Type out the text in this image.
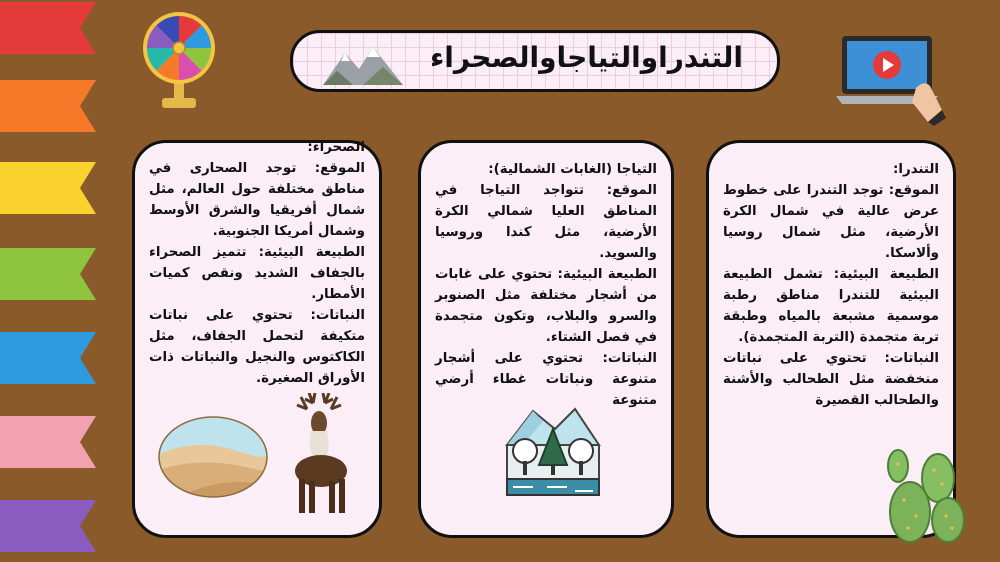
التندراوالتياجاوالصحراء

الصحراء:

الموقع: توجد الصحارى في مناطق مختلفة حول العالم، مثل شمال أفريقيا والشرق الأوسط وشمال أمريكا الجنوبية.

الطبيعة البيئية: تتميز الصحراء بالجفاف الشديد ونقص كميات الأمطار.

النباتات: تحتوي على نباتات متكيفة لتحمل الجفاف، مثل الكاكتوس والنجيل والنباتات ذات الأوراق الصغيرة.

التياجا (الغابات الشمالية):

الموقع: تتواجد التياجا في المناطق العليا شمالي الكرة الأرضية، مثل كندا وروسيا والسويد.

الطبيعة البيئية: تحتوي على غابات من أشجار مختلفة مثل الصنوبر والسرو والبلاب، وتكون متجمدة في فصل الشتاء.

النباتات: تحتوي على أشجار متنوعة ونباتات غطاء أرضي متنوعة

التندرا:

الموقع: توجد التندرا على خطوط عرض عالية في شمال الكرة الأرضية، مثل شمال روسيا وألاسكا.

الطبيعة البيئية: تشمل الطبيعة البيئية للتندرا مناطق رطبة موسمية مشبعة بالمياه وطبقة تربة متجمدة (التربة المتجمدة).

النباتات: تحتوي على نباتات منخفضة مثل الطحالب والأشنة والطحالب القصيرة
